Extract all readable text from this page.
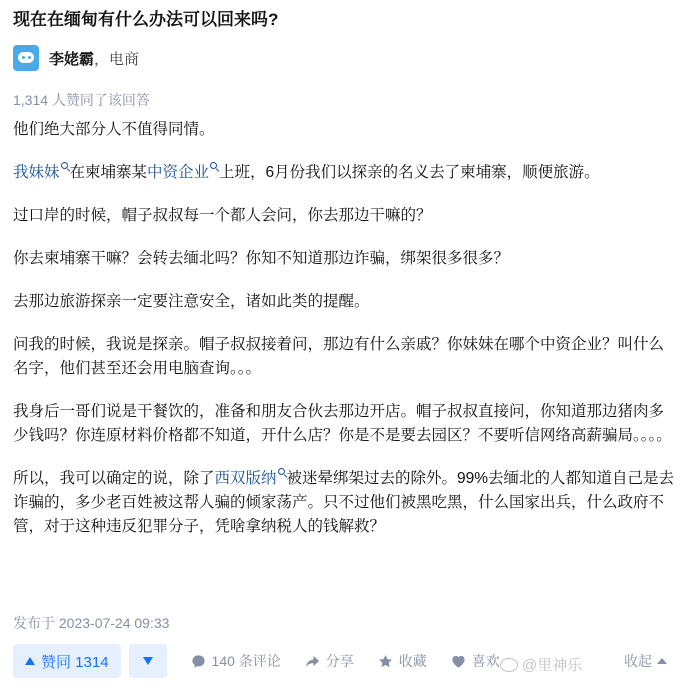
现在在缅甸有什么办法可以回来吗?
李姥霸 ， 电商
1,314 人赞同了该回答

他们绝大部分人不值得同情。

我妹妹 在柬埔寨某中资企业 上班，6月份我们以探亲的名义去了柬埔寨，顺便旅游。

过口岸的时候，帽子叔叔每一个都人会问，你去那边干嘛的？

你去柬埔寨干嘛？会转去缅北吗？你知不知道那边诈骗，绑架很多很多？

去那边旅游探亲一定要注意安全，诸如此类的提醒。

问我的时候，我说是探亲。帽子叔叔接着问，那边有什么亲戚？你妹妹在哪个中资企业？叫什么名字，他们甚至还会用电脑查询。。。

我身后一哥们说是干餐饮的，准备和朋友合伙去那边开店。帽子叔叔直接问，你知道那边猪肉多少钱吗？你连原材料价格都不知道，开什么店？你是不是要去园区？不要听信网络高薪骗局。。。。

所以，我可以确定的说，除了西双版纳 被迷晕绑架过去的除外。99%去缅北的人都知道自己是去诈骗的，多少老百姓被这帮人骗的倾家荡产。只不过他们被黑吃黑，什么国家出兵，什么政府不管，对于这种违反犯罪分子，凭啥拿纳税人的钱解救？

发布于 2023-07-24 09:33
赞同 1314	140 条评论	分享	收藏	喜欢	收起
@里神乐
